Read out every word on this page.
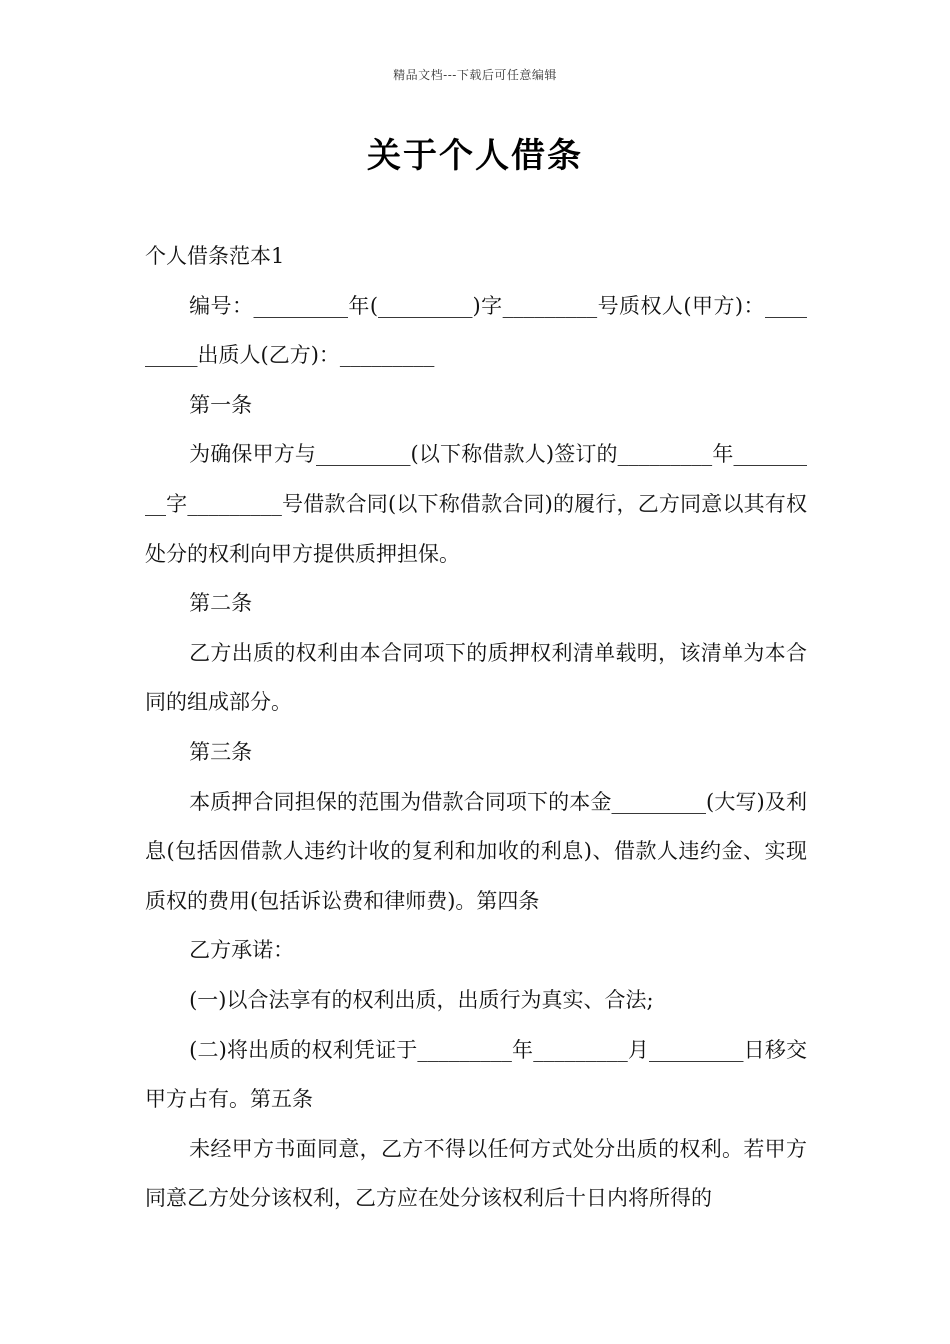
精品文档---下载后可任意编辑
关于个人借条

个人借条范本1

编号：_________年(_________)字_________号质权人(甲方)：_________出质人(乙方)：_________

第一条

为确保甲方与_________(以下称借款人)签订的_________年_________字_________号借款合同(以下称借款合同)的履行，乙方同意以其有权处分的权利向甲方提供质押担保。

第二条

乙方出质的权利由本合同项下的质押权利清单载明，该清单为本合同的组成部分。

第三条

本质押合同担保的范围为借款合同项下的本金_________(大写)及利息(包括因借款人违约计收的复利和加收的利息)、借款人违约金、实现质权的费用(包括诉讼费和律师费)。第四条

乙方承诺：

(一)以合法享有的权利出质，出质行为真实、合法;

(二)将出质的权利凭证于_________年_________月_________日移交甲方占有。第五条

未经甲方书面同意，乙方不得以任何方式处分出质的权利。若甲方同意乙方处分该权利，乙方应在处分该权利后十日内将所得的
